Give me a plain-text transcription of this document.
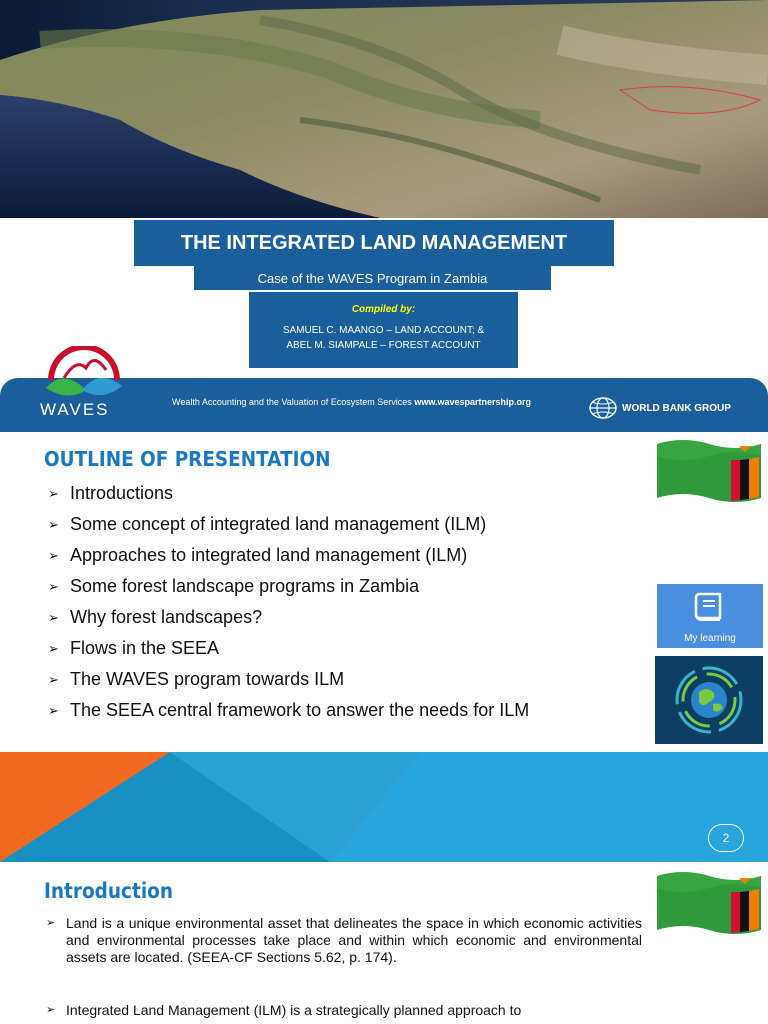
THE INTEGRATED LAND MANAGEMENT
Case of the WAVES Program in Zambia
Compiled by:
SAMUEL C. MAANGO – LAND ACCOUNT; &
ABEL M. SIAMPALE – FOREST ACCOUNT
WAVES	Wealth Accounting and the Valuation of Ecosystem Services www.wavespartnership.org
WORLD BANK GROUP
OUTLINE OF PRESENTATION
➢ Introductions
➢ Some concept of integrated land management (ILM)
➢ Approaches to integrated land management (ILM)
➢ Some forest landscape programs in Zambia
➢ Why forest landscapes?
➢ Flows in the SEEA
➢ The WAVES program towards ILM
➢ The SEEA central framework to answer the needs for ILM
My learning
2
Introduction
➢ Land is a unique environmental asset that delineates the space in which economic activities and environmental processes take place and within which economic and environmental assets are located. (SEEA-CF Sections 5.62, p. 174).
➢ Integrated Land Management (ILM) is a strategically planned approach to
